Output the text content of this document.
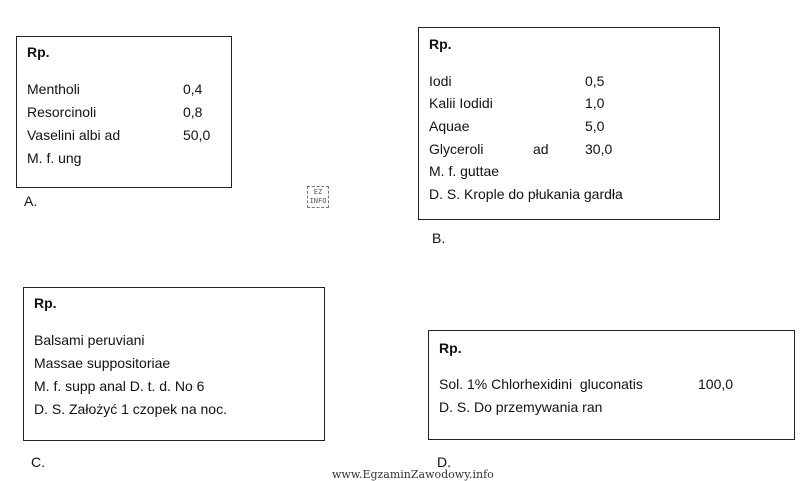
Rp.
Mentholi	0,4
Resorcinoli	0,8
Vaselini albi ad	50,0
M. f. ung
A.
EZ
INFO
Rp.
Iodi	0,5
Kalii Iodidi	1,0
Aquae	5,0
Glyceroli	ad	30,0
M. f. guttae
D. S. Krople do płukania gardła
B.
Rp.
Balsami peruviani
Massae suppositoriae
M. f. supp anal D. t. d. No 6
D. S. Założyć 1 czopek na noc.
C.
Rp.
Sol. 1% Chlorhexidini  gluconatis	100,0
D. S. Do przemywania ran
D.
www.EgzaminZawodowy.info
